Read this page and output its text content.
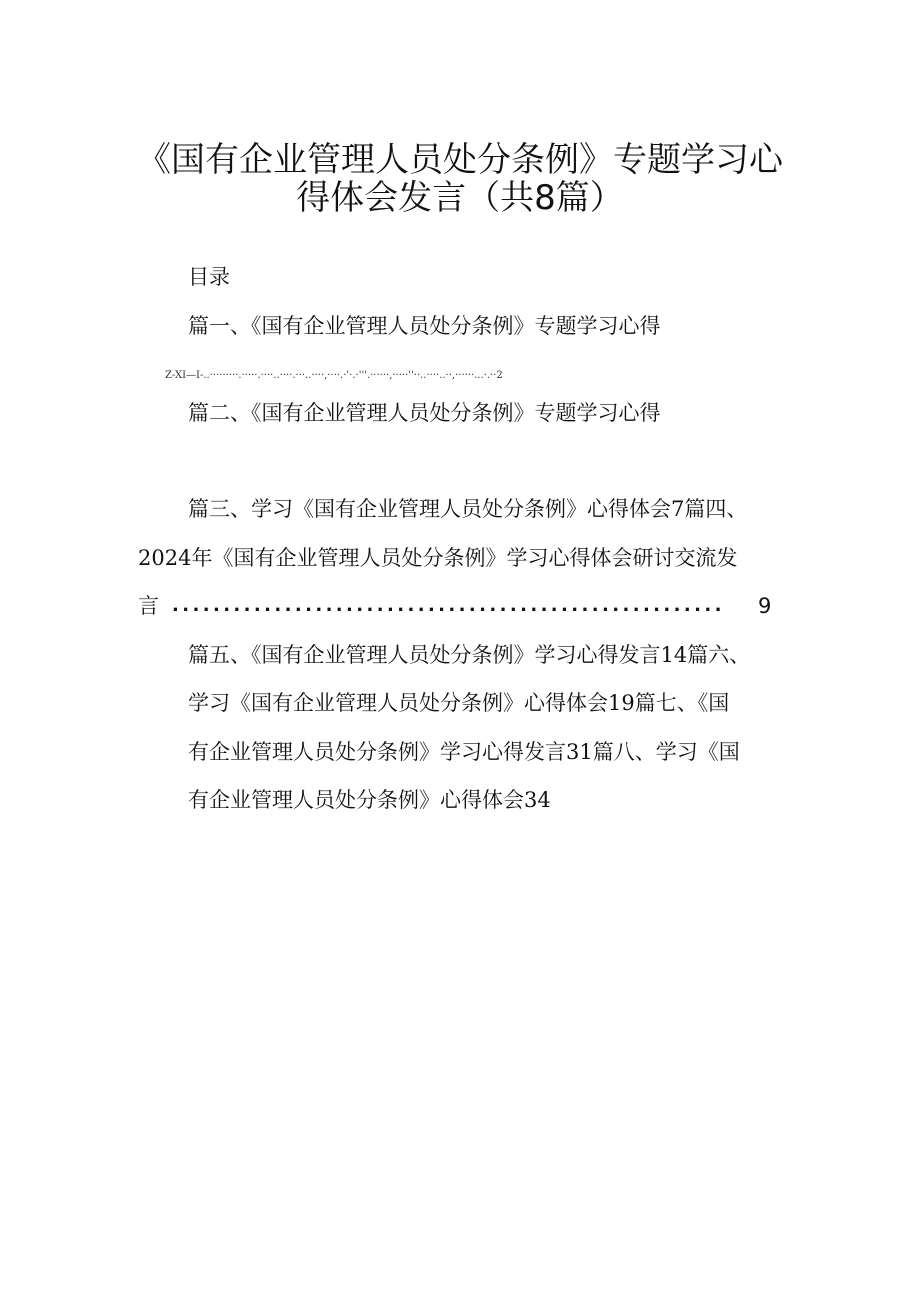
《国有企业管理人员处分条例》专题学习心
得体会发言（共8篇）
目录
篇一、《国有企业管理人员处分条例》专题学习心得
Z-XI—I-..·········.·····.····..····.···..····,····.·'·.·'''.······,·····''··..····..··,······...·.··2
篇二、《国有企业管理人员处分条例》专题学习心得
篇三、学习《国有企业管理人员处分条例》心得体会7篇四、
2024年《国有企业管理人员处分条例》学习心得体会研讨交流发
言 ......................................................	9
篇五、《国有企业管理人员处分条例》学习心得发言14篇六、
学习《国有企业管理人员处分条例》心得体会19篇七、《国
有企业管理人员处分条例》学习心得发言31篇八、学习《国
有企业管理人员处分条例》心得体会34
